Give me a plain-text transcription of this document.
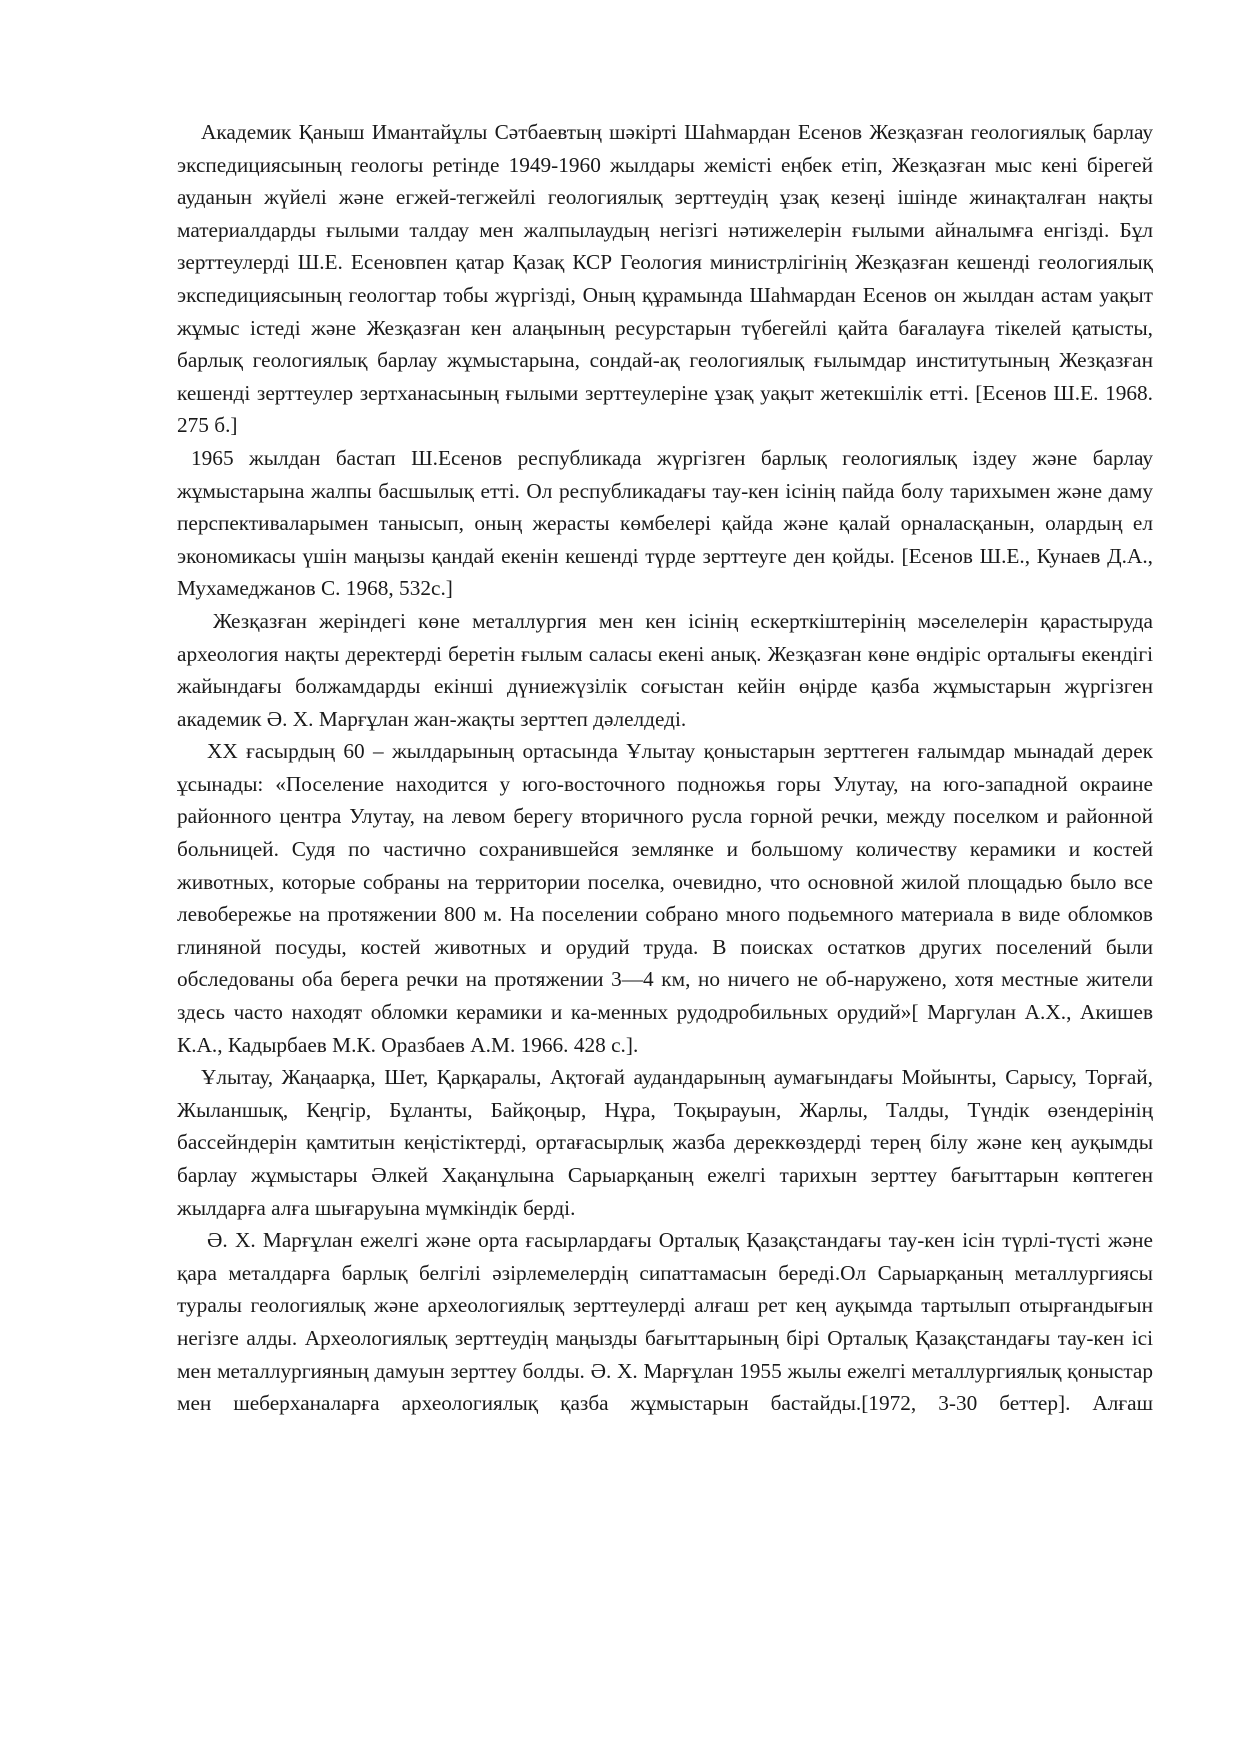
Академик Қаныш Имантайұлы Сәтбаевтың шәкірті Шаһмардан Есенов Жезқазған геологиялық барлау экспедициясының геологы ретінде 1949-1960 жылдары жемісті еңбек етіп, Жезқазған мыс кені бірегей ауданын жүйелі және егжей-тегжейлі геологиялық зерттеудің ұзақ кезеңі ішінде жинақталған нақты материалдарды ғылыми талдау мен жалпылаудың негізгі нәтижелерін ғылыми айналымға енгізді. Бұл зерттеулерді Ш.Е. Есеновпен қатар Қазақ КСР Геология министрлігінің Жезқазған кешенді геологиялық экспедициясының геологтар тобы жүргізді, Оның құрамында Шаһмардан Есенов он жылдан астам уақыт жұмыс істеді және Жезқазған кен алаңының ресурстарын түбегейлі қайта бағалауға тікелей қатысты, барлық геологиялық барлау жұмыстарына, сондай-ақ геологиялық ғылымдар институтының Жезқазған кешенді зерттеулер зертханасының ғылыми зерттеулеріне ұзақ уақыт жетекшілік етті. [Есенов Ш.Е. 1968. 275 б.]

1965 жылдан бастап Ш.Есенов республикада жүргізген барлық геологиялық іздеу және барлау жұмыстарына жалпы басшылық етті. Ол республикадағы тау-кен ісінің пайда болу тарихымен және даму перспективаларымен танысып, оның жерасты көмбелері қайда және қалай орналасқанын, олардың ел экономикасы үшін маңызы қандай екенін кешенді түрде зерттеуге ден қойды. [Есенов Ш.Е., Кунаев Д.А., Мухамеджанов С. 1968, 532с.]

Жезқазған жеріндегі көне металлургия мен кен ісінің ескерткіштерінің мәселелерін қарастыруда археология нақты деректерді беретін ғылым саласы екені анық. Жезқазған көне өндіріс орталығы екендігі жайындағы болжамдарды екінші дүниежүзілік соғыстан кейін өңірде қазба жұмыстарын жүргізген академик Ә. Х. Марғұлан жан-жақты зерттеп дәлелдеді.

XX ғасырдың 60 – жылдарының ортасында Ұлытау қоныстарын зерттеген ғалымдар мынадай дерек ұсынады: «Поселение находится у юго-восточного подножья горы Улутау, на юго-западной окраине районного центра Улутау, на левом берегу вторичного русла горной речки, между поселком и районной больницей. Судя по частично сохранившейся землянке и большому количеству керамики и костей животных, которые собраны на территории поселка, очевидно, что основной жилой площадью было все левобережье на протяжении 800 м. На поселении собрано много подьемного материала в виде обломков глиняной посуды, костей животных и орудий труда. В поисках остатков других поселений были обследованы оба берега речки на протяжении 3—4 км, но ничего не об-наружено, хотя местные жители здесь часто находят обломки керамики и ка-менных рудодробильных орудий»[ Маргулан А.Х., Акишев К.А., Кадырбаев М.К. Оразбаев А.М. 1966. 428 с.].

Ұлытау, Жаңаарқа, Шет, Қарқаралы, Ақтоғай аудандарының аумағындағы Мойынты, Сарысу, Торғай, Жыланшық, Кеңгір, Бұланты, Байқоңыр, Нұра, Тоқырауын, Жарлы, Талды, Түндік өзендерінің бассейндерін қамтитын кеңістіктерді, ортағасырлық жазба дереккөздерді терең білу және кең ауқымды барлау жұмыстары Әлкей Хақанұлына Сарыарқаның ежелгі тарихын зерттеу бағыттарын көптеген жылдарға алға шығаруына мүмкіндік берді.

Ә. Х. Марғұлан ежелгі және орта ғасырлардағы Орталық Қазақстандағы тау-кен ісін түрлі-түсті және қара металдарға барлық белгілі әзірлемелердің сипаттамасын береді.Ол Сарыарқаның металлургиясы туралы геологиялық және археологиялық зерттеулерді алғаш рет кең ауқымда тартылып отырғандығын негізге алды. Археологиялық зерттеудің маңызды бағыттарының бірі Орталық Қазақстандағы тау-кен ісі мен металлургияның дамуын зерттеу болды. Ә. Х. Марғұлан 1955 жылы ежелгі металлургиялық қоныстар мен шеберханаларға археологиялық қазба жұмыстарын бастайды.[1972, 3-30 беттер]. Алғаш
